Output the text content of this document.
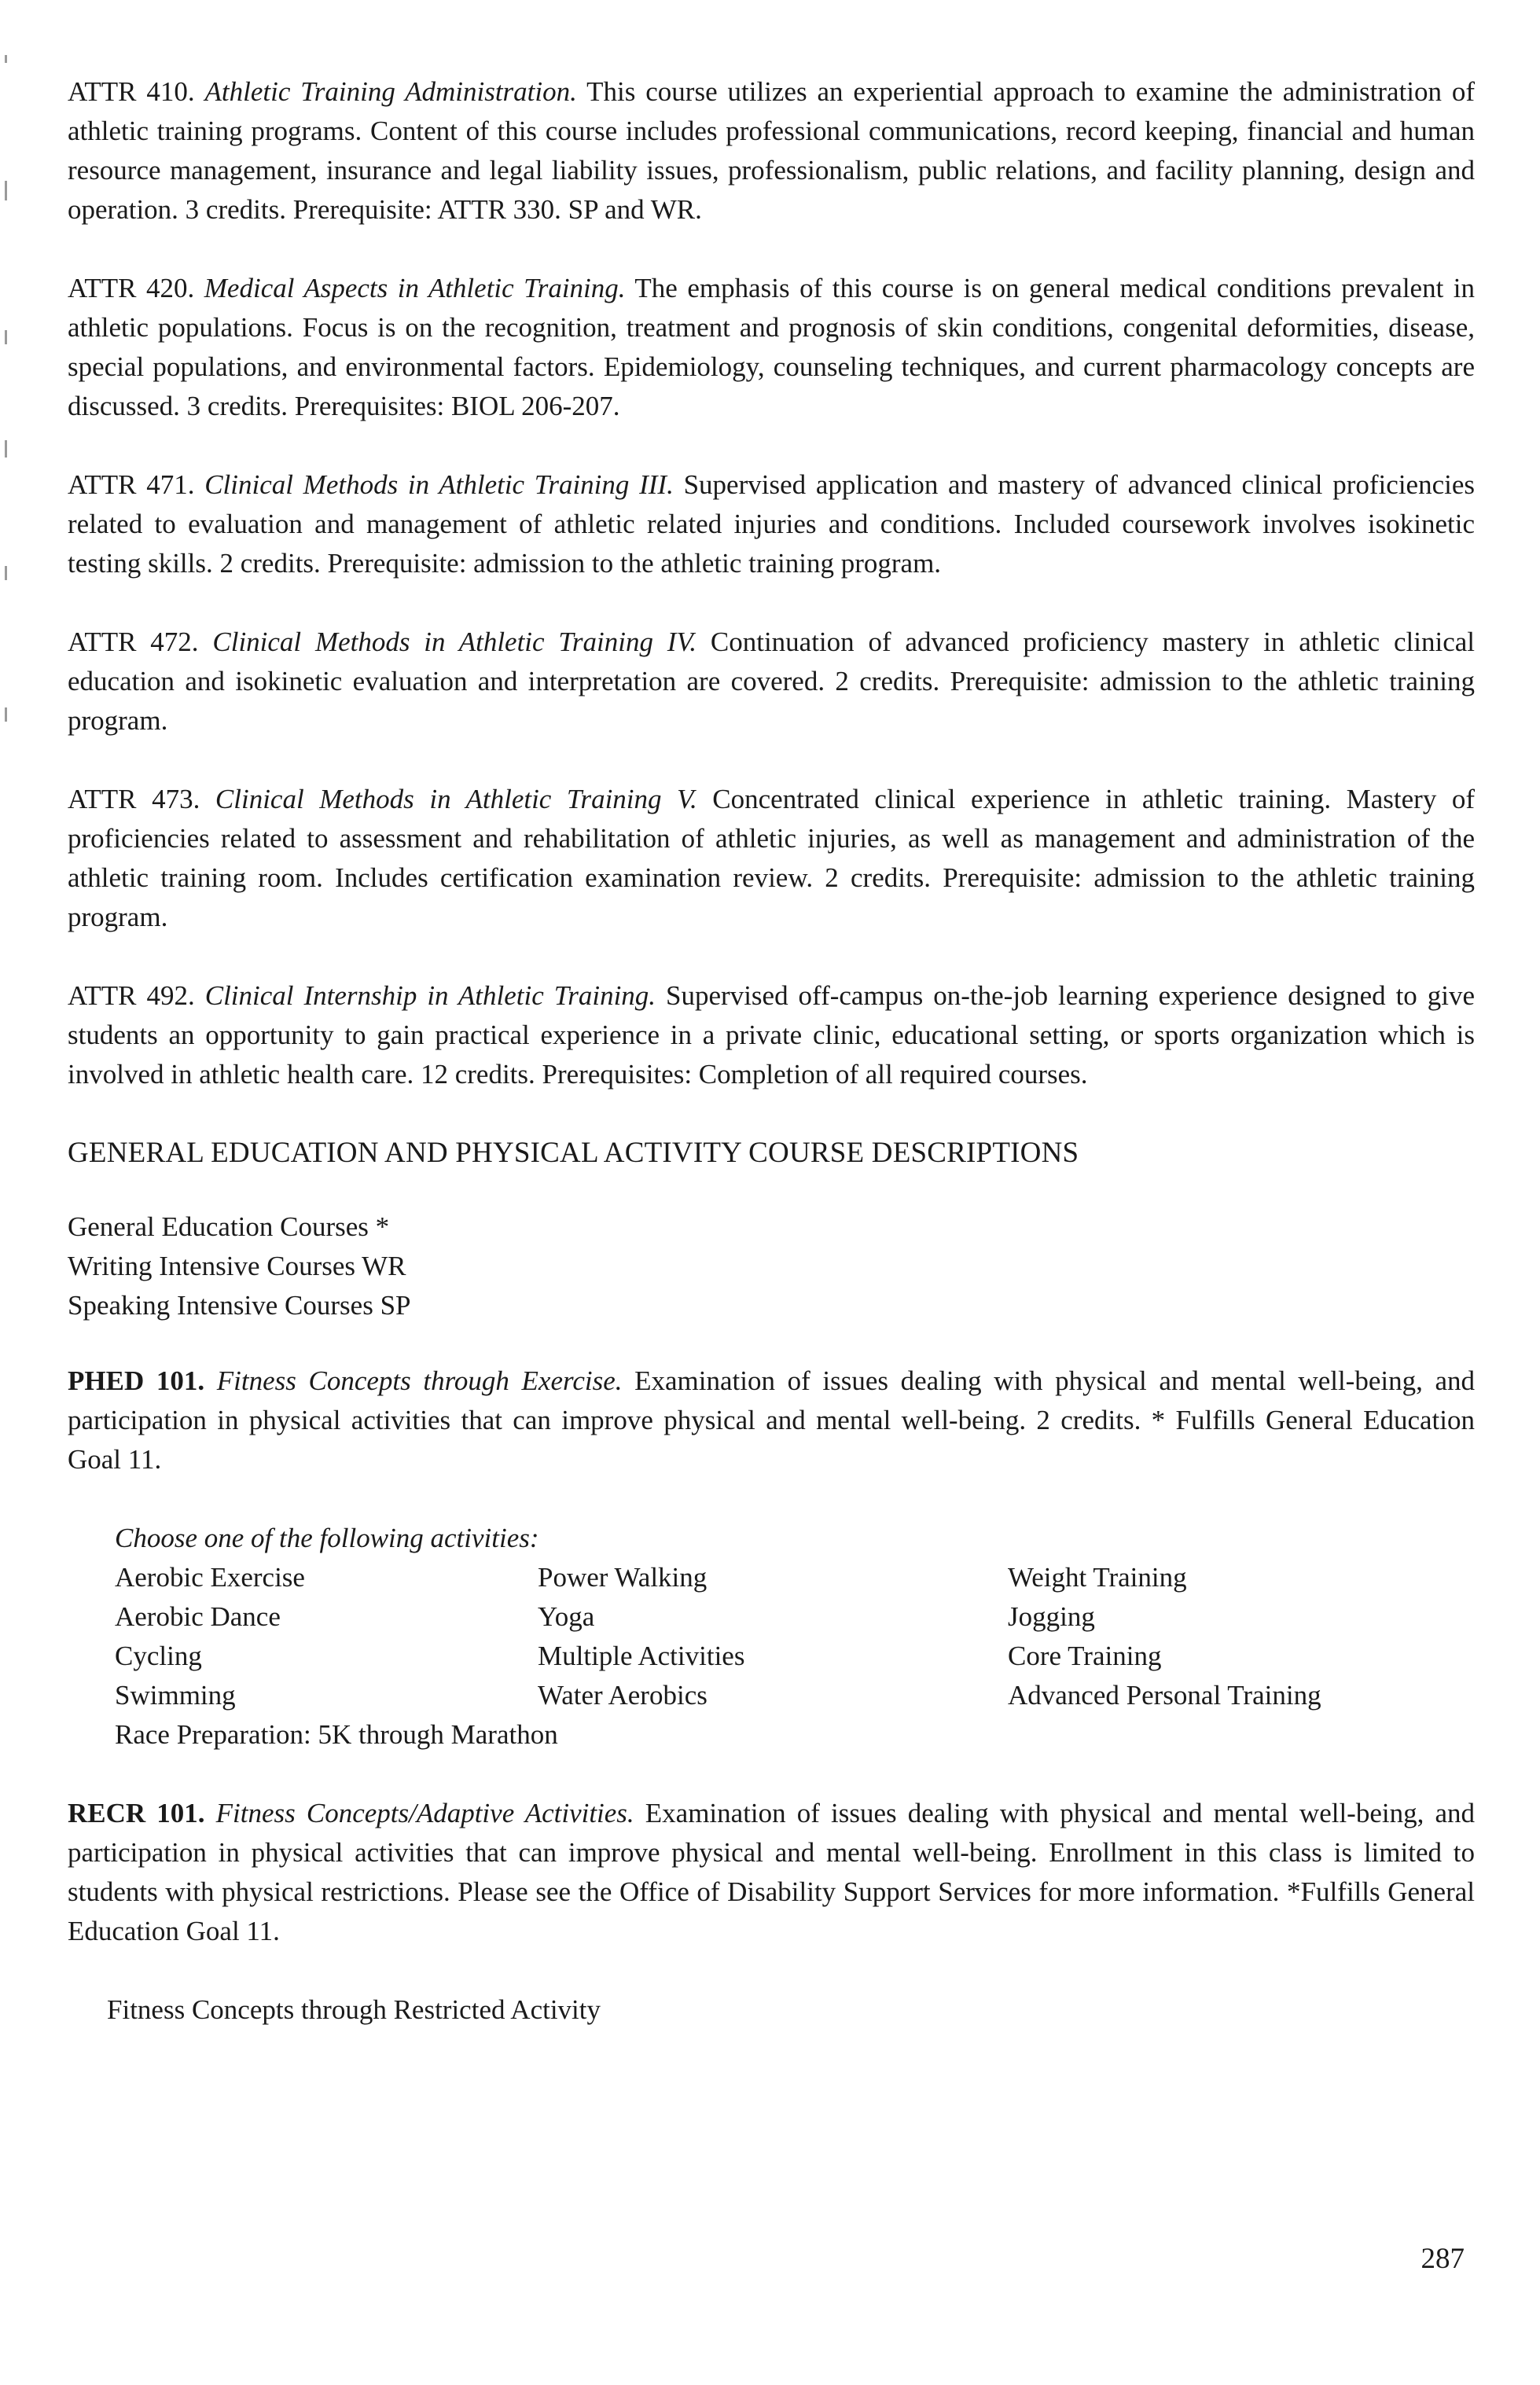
ATTR 410. Athletic Training Administration. This course utilizes an experiential approach to examine the administration of athletic training programs. Content of this course includes professional communications, record keeping, financial and human resource management, insurance and legal liability issues, professionalism, public relations, and facility planning, design and operation. 3 credits. Prerequisite: ATTR 330. SP and WR.

ATTR 420. Medical Aspects in Athletic Training. The emphasis of this course is on general medical conditions prevalent in athletic populations. Focus is on the recognition, treatment and prognosis of skin conditions, congenital deformities, disease, special populations, and environmental factors. Epidemiology, counseling techniques, and current pharmacology concepts are discussed. 3 credits. Prerequisites: BIOL 206-207.

ATTR 471. Clinical Methods in Athletic Training III. Supervised application and mastery of advanced clinical proficiencies related to evaluation and management of athletic related injuries and conditions. Included coursework involves isokinetic testing skills. 2 credits. Prerequisite: admission to the athletic training program.

ATTR 472. Clinical Methods in Athletic Training IV. Continuation of advanced proficiency mastery in athletic clinical education and isokinetic evaluation and interpretation are covered. 2 credits. Prerequisite: admission to the athletic training program.

ATTR 473. Clinical Methods in Athletic Training V. Concentrated clinical experience in athletic training. Mastery of proficiencies related to assessment and rehabilitation of athletic injuries, as well as management and administration of the athletic training room. Includes certification examination review. 2 credits. Prerequisite: admission to the athletic training program.

ATTR 492. Clinical Internship in Athletic Training. Supervised off-campus on-the-job learning experience designed to give students an opportunity to gain practical experience in a private clinic, educational setting, or sports organization which is involved in athletic health care. 12 credits. Prerequisites: Completion of all required courses.

GENERAL EDUCATION AND PHYSICAL ACTIVITY COURSE DESCRIPTIONS
General Education Courses *
Writing Intensive Courses WR
Speaking Intensive Courses SP

PHED 101. Fitness Concepts through Exercise. Examination of issues dealing with physical and mental well-being, and participation in physical activities that can improve physical and mental well-being. 2 credits. * Fulfills General Education Goal 11.

Choose one of the following activities:
Aerobic Exercise	Power Walking	Weight Training
Aerobic Dance	Yoga	Jogging
Cycling	Multiple Activities	Core Training
Swimming	Water Aerobics	Advanced Personal Training
Race Preparation: 5K through Marathon

RECR 101. Fitness Concepts/Adaptive Activities. Examination of issues dealing with physical and mental well-being, and participation in physical activities that can improve physical and mental well-being. Enrollment in this class is limited to students with physical restrictions. Please see the Office of Disability Support Services for more information. *Fulfills General Education Goal 11.

Fitness Concepts through Restricted Activity
287
